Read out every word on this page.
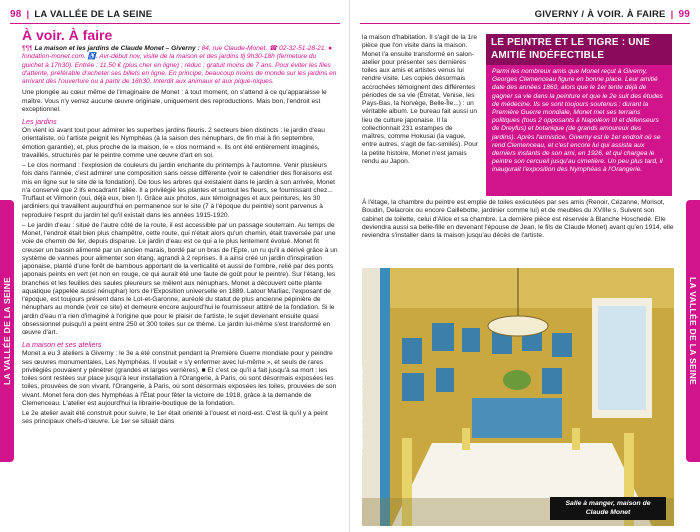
98 | LA VALLÉE DE LA SEINE
LA VALLÉE DE LA SEINE
À voir. À faire
¶¶¶ La maison et les jardins de Claude Monet – Giverny : 84, rue Claude-Monet. ☎ 02-32-51-28-21. ● fondation-monet.com. ♿. Avr-début nov, visite de la maison et des jardins tlj 9h30-18h (fermeture du guichet à 17h30). Entrée : 11,50 € (plus cher en ligne) ; réduc ; gratuit moins de 7 ans. Pour éviter les files d'attente, préférable d'acheter ses billets en ligne. En principe, beaucoup moins de monde sur les jardins en arrivant dès l'ouverture ou à partir de 16h30. Interdit aux animaux et aux pique-niques.

Une plongée au cœur même de l'imaginaire de Monet : à tout moment, on s'attend à ce qu'apparaisse le maître. Vous n'y verrez aucune œuvre originale, uniquement des reproductions. Mais bon, l'endroit est exceptionnel.

Les jardins

On vient ici avant tout pour admirer les superbes jardins fleuris. 2 secteurs bien distincts : le jardin d'eau orientaliste, où l'artiste peignit les Nymphéas (à la saison des nénuphars, de fin mai à fin septembre, émotion garantie), et, plus proche de la maison, le « clos normand ». Ils ont été entièrement imaginés, travaillés, structurés par le peintre comme une œuvre d'art en soi.

– Le clos normand : l'explosion de couleurs du jardin enchante du printemps à l'automne. Venir plusieurs fois dans l'année, c'est admirer une composition sans cesse différente (voir le calendrier des floraisons est mis en ligne sur le site de la fondation). De tous les arbres qui existaient dans le jardin à son arrivée, Monet n'a conservé que 2 ifs encadrant l'allée. Il a privilégié les plantes et surtout les fleurs, se fournissant chez... Truffaut et Vilmorin (oui, déjà eux, bien !). Grâce aux photos, aux témoignages et aux peintures, les 30 jardiniers qui travaillent aujourd'hui en permanence sur le site (7 à l'époque du peintre) sont parvenus à reproduire l'esprit du jardin tel qu'il existait dans les années 1915-1920.

– Le jardin d'eau : situé de l'autre côté de la route, il est accessible par un passage souterrain. Au temps de Monet, l'endroit était bien plus champêtre, cette route, qui n'était alors qu'un chemin, était traversée par une voie de chemin de fer, depuis disparue. Le jardin d'eau est ce qui a le plus lentement évolué. Monet fit creuser un bassin alimenté par un ancien marais, bordé par un bras de l'Epte, un ru qu'il a dérivé grâce à un système de vannes pour alimenter son étang, agrandi à 2 reprises. Il a ainsi créé un jardin d'inspiration japonaise, planté d'une forêt de bambous apportant de la verticalité et aussi de l'ombre, relié par des ponts japonais peints en vert (et non en rouge, ce qui aurait été une faute de goût pour le peintre). Sur l'étang, les branches et les feuilles des saules pleureurs se mêlent aux nénuphars. Monet a découvert cette plante aquatique (appelée aussi nénuphar) lors de l'Exposition universelle en 1889. Latour Marliac, l'exposant de l'époque, est toujours présent dans le Lot-et-Garonne, auréolé du statut de plus ancienne pépinière de nénuphars au monde (voir ce site) et demeure encore aujourd'hui le fournisseur attitré de la fondation. Si le jardin d'eau n'a rien d'imaginé à l'origine que pour le plaisir de l'artiste, le sujet devenant ensuite quasi obsessionnel puisqu'il a peint entre 250 et 300 toiles sur ce thème. Le jardin lui-même s'est transformé en œuvre d'art.

La maison et ses ateliers

Monet a eu 3 ateliers à Giverny : le 3e a été construit pendant la Première Guerre mondiale pour y peindre ses œuvres monumentales, Les Nymphéas. Il voulait « s'y enfermer avec lui-même », et seuls de rares privilégiés pouvaient y pénétrer (grandes et larges verrières). ■ Et c'est ce qu'il a fait jusqu'à sa mort : les toiles sont restées sur place jusqu'à leur installation à l'Orangerie, à Paris, où sont désormais exposées les toiles, prouvées de son vivant, l'Orangerie, à Paris, où sont désormais exposées les toiles, prouvées de son vivant. Monet fera don des Nymphéas à l'État pour fêter la victoire de 1918, grâce à la demande de Clemenceau. L'atelier est aujourd'hui la librairie-boutique de la fondation.

Le 2e atelier avait été construit pour suivre, le 1er était orienté à l'ouest et nord-est. C'est là qu'il y a peint ses principaux chefs-d'œuvre. Le 1er se situait dans

GIVERNY / À VOIR. À FAIRE | 99
LA VALLÉE DE LA SEINE

la maison d'habitation. Il s'agit de la 1re pièce que l'on visite dans la maison. Monet l'a ensuite transformé en salon-atelier pour présenter ses dernières toiles aux amis et artistes venus lui rendre visite. Les copies désormais accrochées témoignent des différentes périodes de sa vie (Étretat, Venise, les Pays-Bas, la Norvège, Belle-Île...) : un véritable album. Le bureau fait aussi un lieu de culture japonaise. Il la collectionnait 231 estampes de maîtres, comme Hokusai (la vague, entre autres, s'agit de fac-similés). Pour la petite histoire, Monet n'est jamais rendu au Japon.

LE PEINTRE ET LE TIGRE : UNE AMITIÉ INDÉFECTIBLE
Parmi les nombreux amis que Monet reçut à Giverny, Georges Clemenceau figure en bonne place. Leur amitié date des années 1860, alors que le 1er tente déjà de gagner sa vie dans la peinture et que le 2e suit des études de médecine. Ils se sont toujours soutenus : durant la Première Guerre mondiale, Monet met ses terrains politiques (tous 2 opposants à Napoléon III et défenseurs de Dreyfus) et botanique (de grands amoureux des jardins). Après l'armistice, Giverny est le 1er endroit où se rend Clemenceau, et c'est encore lui qui assista aux derniers instants de son ami, en 1926, et qui chargea le peintre son cercueil jusqu'au cimetière. Un peu plus tard, il inaugurait l'exposition des Nymphéas à l'Orangerie.

À l'étage, la chambre du peintre est emplie de toiles exécutées par ses amis (Renoir, Cézanne, Morisot, Boudin, Delacroix ou encore Caillebotte, jardinier comme lui) et de meubles du XVIIIe s. Suivent son cabinet de toilette, celui d'Alice et sa chambre. La dernière pièce est réservée à Blanche Hoschedé. Elle deviendra aussi sa belle-fille en devenant l'épouse de Jean, le fils de Claude Monet) avant qu'en 1914, elle reviendra s'installer dans la maison jusqu'au décès de l'artiste.

© GEAY/LECTURE/PHOTO MONET
Salle à manger, maison de Claude Monet
